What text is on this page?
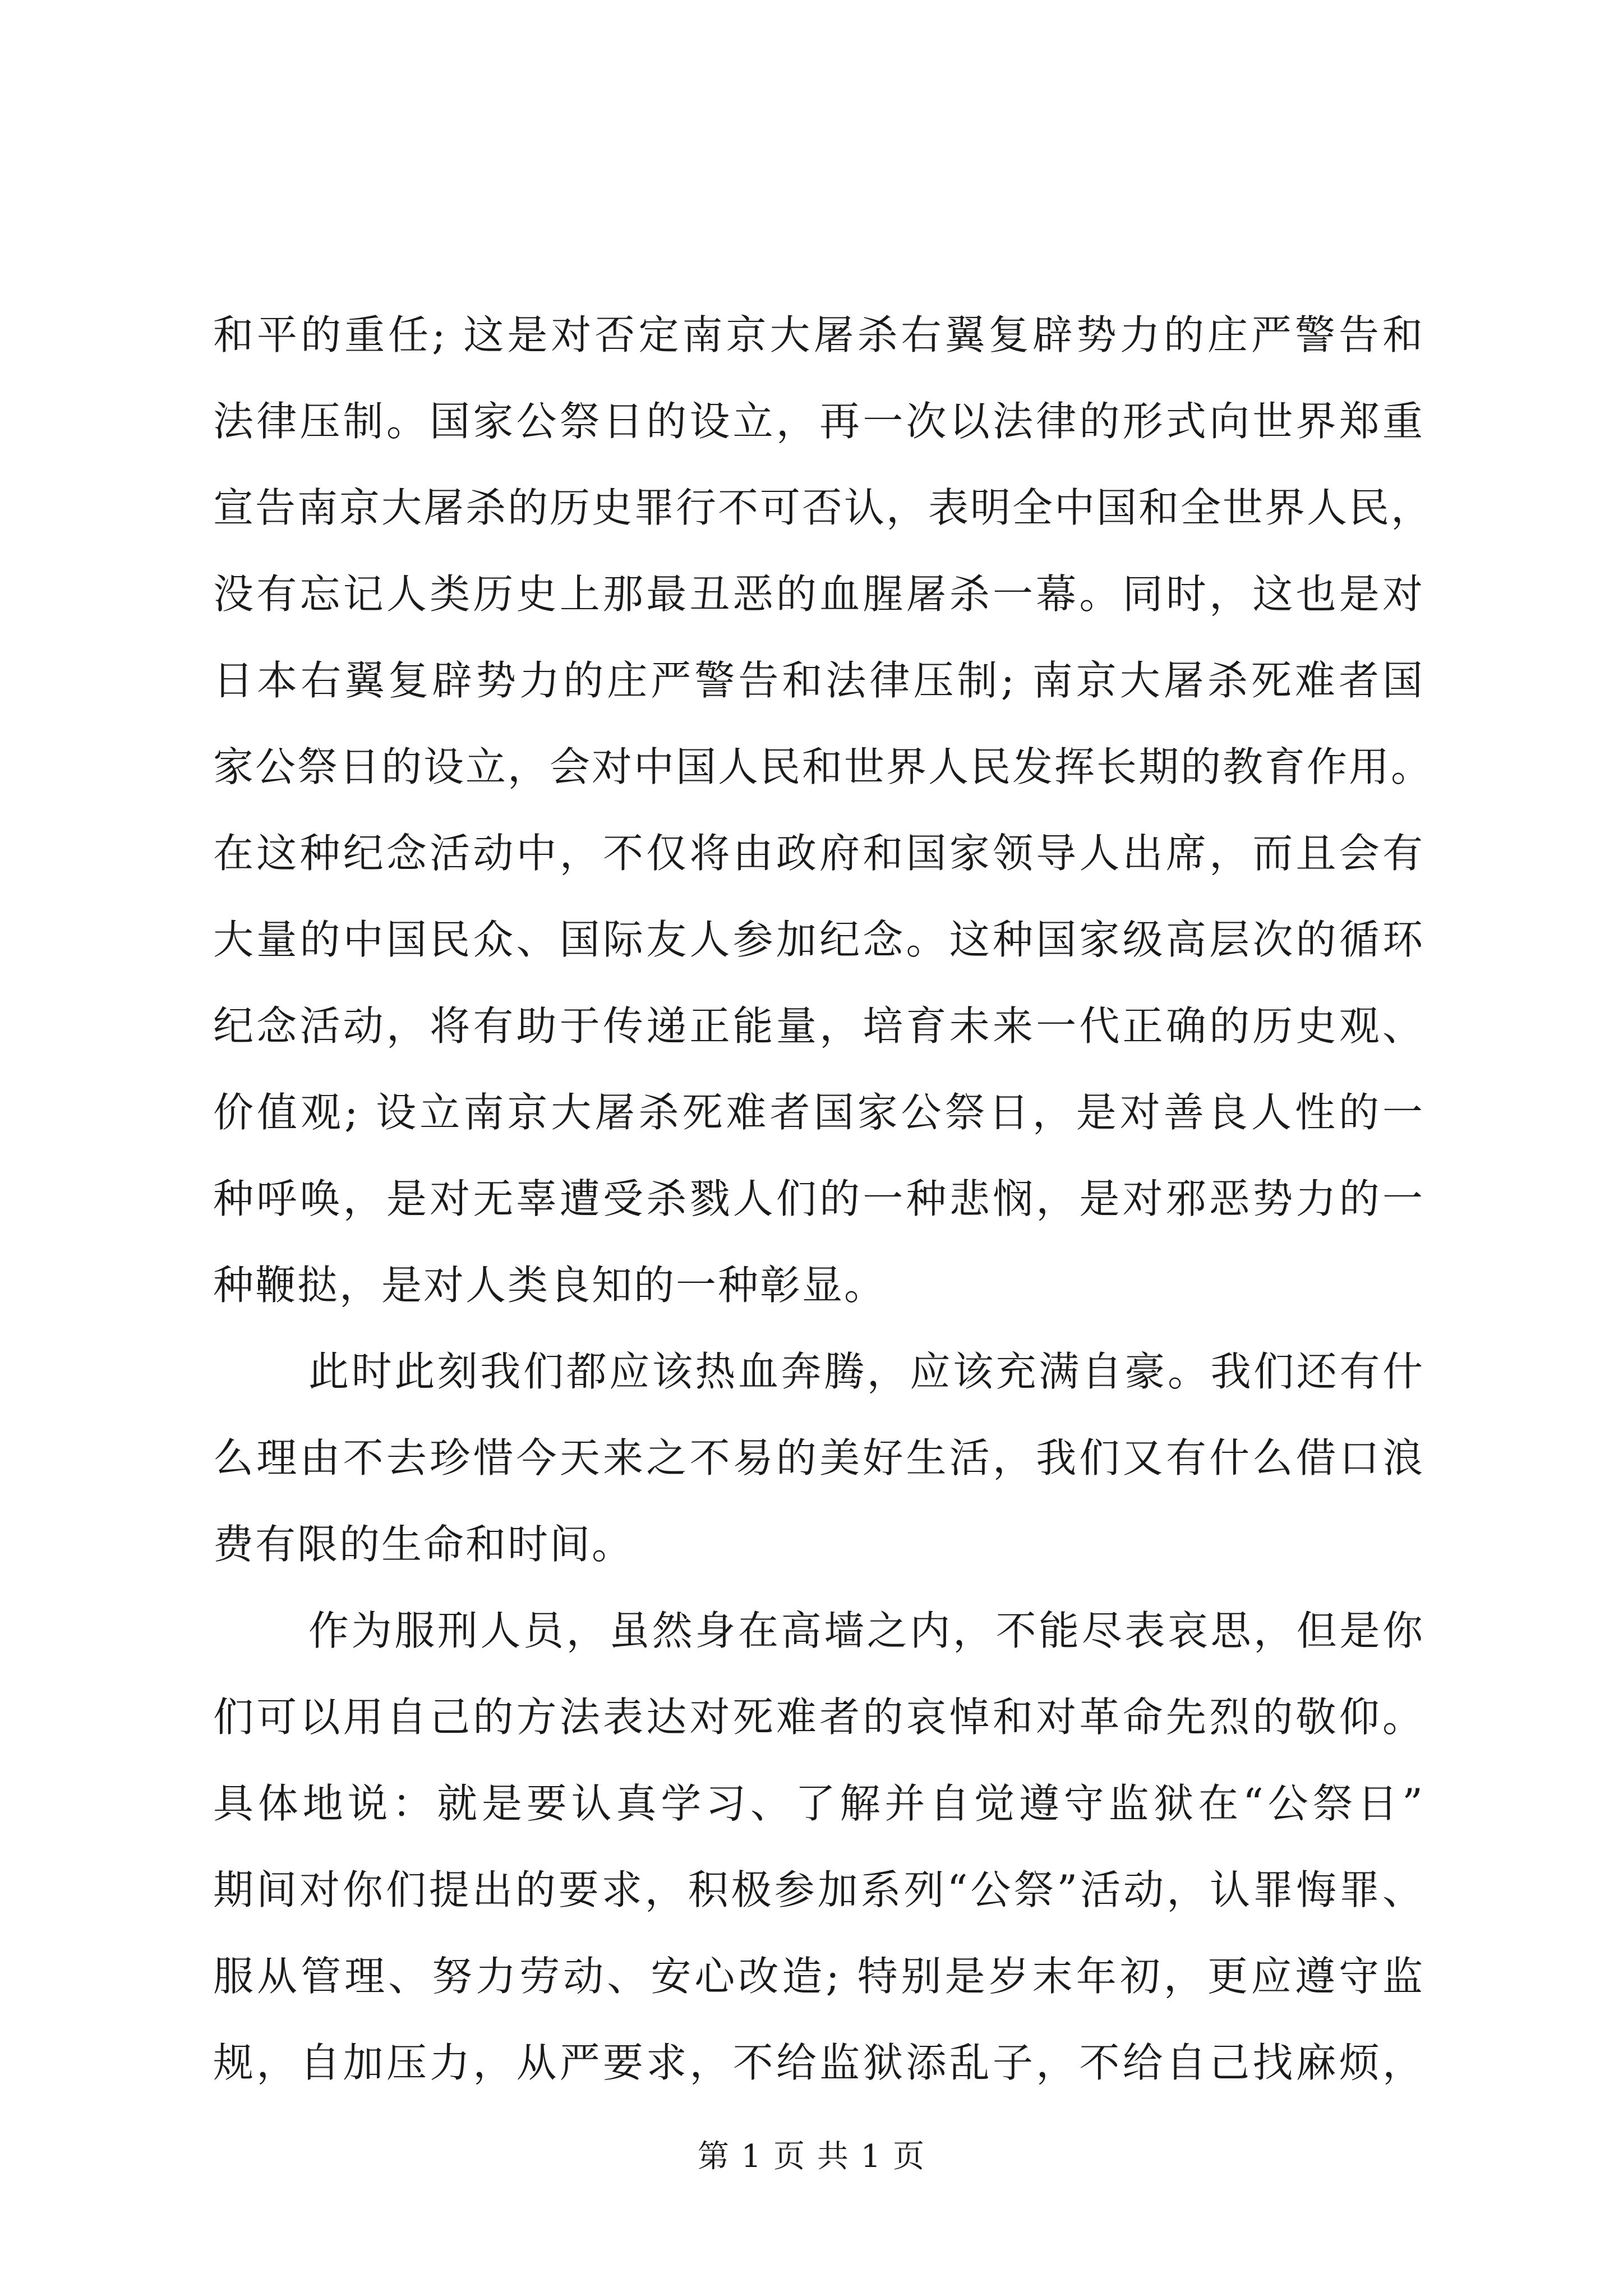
和平的重任; 这是对否定南京大屠杀右翼复辟势力的庄严警告和
法律压制。国家公祭日的设立，再一次以法律的形式向世界郑重
宣告南京大屠杀的历史罪行不可否认，表明全中国和全世界人民，
没有忘记人类历史上那最丑恶的血腥屠杀一幕。同时，这也是对
日本右翼复辟势力的庄严警告和法律压制; 南京大屠杀死难者国
家公祭日的设立，会对中国人民和世界人民发挥长期的教育作用。
在这种纪念活动中，不仅将由政府和国家领导人出席，而且会有
大量的中国民众、国际友人参加纪念。这种国家级高层次的循环
纪念活动，将有助于传递正能量，培育未来一代正确的历史观、
价值观; 设立南京大屠杀死难者国家公祭日，是对善良人性的一
种呼唤，是对无辜遭受杀戮人们的一种悲悯，是对邪恶势力的一
种鞭挞，是对人类良知的一种彰显。
此时此刻我们都应该热血奔腾，应该充满自豪。我们还有什
么理由不去珍惜今天来之不易的美好生活，我们又有什么借口浪
费有限的生命和时间。
作为服刑人员，虽然身在高墙之内，不能尽表哀思，但是你
们可以用自己的方法表达对死难者的哀悼和对革命先烈的敬仰。
具体地说：就是要认真学习、了解并自觉遵守监狱在“公祭日”
期间对你们提出的要求，积极参加系列“公祭”活动，认罪悔罪、
服从管理、努力劳动、安心改造; 特别是岁末年初，更应遵守监
规，自加压力，从严要求，不给监狱添乱子，不给自己找麻烦，
第 1 页 共 1 页
